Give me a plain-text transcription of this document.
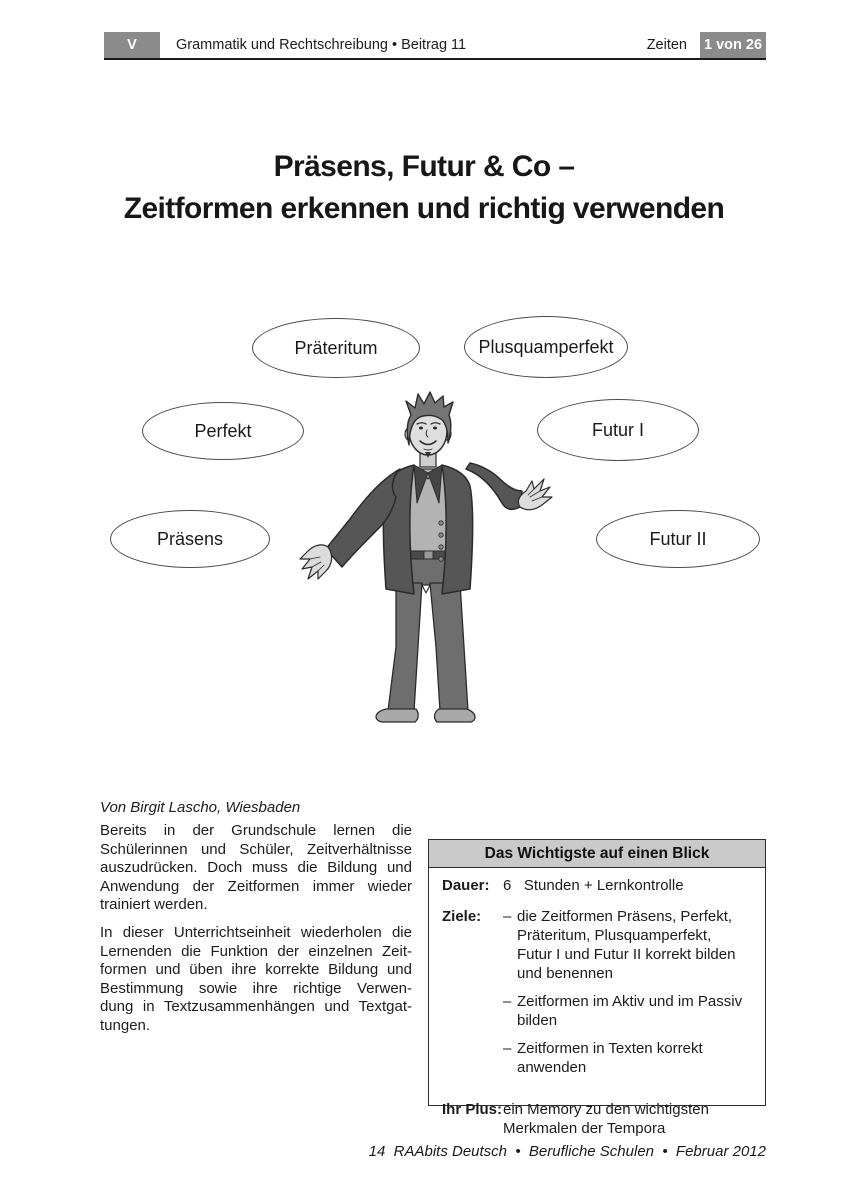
V	Grammatik und Rechtschreibung • Beitrag 11	Zeiten 1 von 26
Präsens, Futur & Co –
Zeitformen erkennen und richtig verwenden
Präteritum	Plusquamperfekt
Perfekt	Futur I
Präsens	Futur II
Von Birgit Lascho, Wiesbaden
Bereits in der Grundschule lernen die
Schülerinnen und Schüler, Zeitverhältnisse
auszudrücken. Doch muss die Bildung und
Anwendung der Zeitformen immer wieder
trainiert werden.
In dieser Unterrichtseinheit wiederholen die
Lernenden die Funktion der einzelnen Zeit-
formen und üben ihre korrekte Bildung und
Bestimmung sowie ihre richtige Verwen-
dung in Textzusammenhängen und Textgat-
tungen.
Das Wichtigste auf einen Blick
Dauer: 6   Stunden + Lernkontrolle
Ziele:	– die Zeitformen Präsens, Perfekt,
Präteritum, Plusquamperfekt,
Futur I und Futur II korrekt bilden
und benennen
– Zeitformen im Aktiv und im Passiv
bilden
– Zeitformen in Texten korrekt
anwenden
Ihr Plus: ein Memory zu den wichtigsten
Merkmalen der Tempora
14  RAAbits Deutsch  •  Berufliche Schulen  •  Februar 2012
